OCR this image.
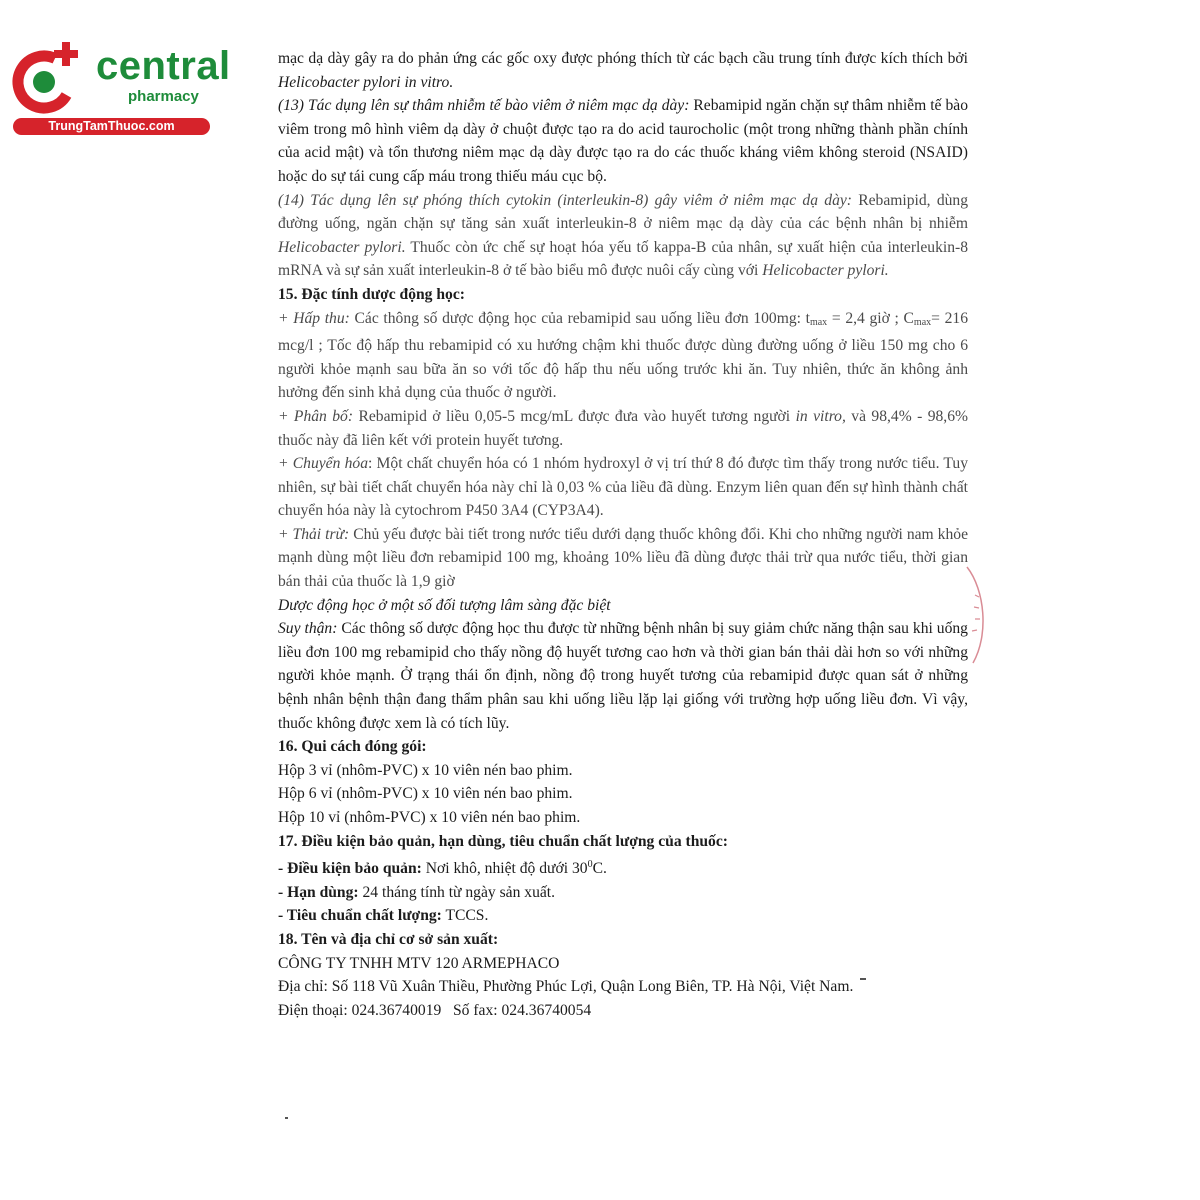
central
pharmacy
TrungTamThuoc.com

mạc dạ dày gây ra do phản ứng các gốc oxy được phóng thích từ các bạch cầu trung tính được kích thích bởi Helicobacter pylori in vitro.

(13) Tác dụng lên sự thâm nhiễm tế bào viêm ở niêm mạc dạ dày: Rebamipid ngăn chặn sự thâm nhiễm tế bào viêm trong mô hình viêm dạ dày ở chuột được tạo ra do acid taurocholic (một trong những thành phần chính của acid mật) và tổn thương niêm mạc dạ dày được tạo ra do các thuốc kháng viêm không steroid (NSAID) hoặc do sự tái cung cấp máu trong thiếu máu cục bộ.

(14) Tác dụng lên sự phóng thích cytokin (interleukin-8) gây viêm ở niêm mạc dạ dày: Rebamipid, dùng đường uống, ngăn chặn sự tăng sản xuất interleukin-8 ở niêm mạc dạ dày của các bệnh nhân bị nhiễm Helicobacter pylori. Thuốc còn ức chế sự hoạt hóa yếu tố kappa-B của nhân, sự xuất hiện của interleukin-8 mRNA và sự sản xuất interleukin-8 ở tế bào biểu mô được nuôi cấy cùng với Helicobacter pylori.

15. Đặc tính dược động học:

+ Hấp thu: Các thông số dược động học của rebamipid sau uống liều đơn 100mg: $t_{max} = 2,4$ giờ ; $C_{max}= 216$ mcg/l ; Tốc độ hấp thu rebamipid có xu hướng chậm khi thuốc được dùng đường uống ở liều 150 mg cho 6 người khỏe mạnh sau bữa ăn so với tốc độ hấp thu nếu uống trước khi ăn. Tuy nhiên, thức ăn không ảnh hưởng đến sinh khả dụng của thuốc ở người.

+ Phân bố: Rebamipid ở liều 0,05-5 mcg/mL được đưa vào huyết tương người in vitro, và 98,4% - 98,6% thuốc này đã liên kết với protein huyết tương.

+ Chuyển hóa: Một chất chuyển hóa có 1 nhóm hydroxyl ở vị trí thứ 8 đó được tìm thấy trong nước tiểu. Tuy nhiên, sự bài tiết chất chuyển hóa này chỉ là 0,03 % của liều đã dùng. Enzym liên quan đến sự hình thành chất chuyển hóa này là cytochrom P450 3A4 (CYP3A4).

+ Thải trừ: Chủ yếu được bài tiết trong nước tiểu dưới dạng thuốc không đổi. Khi cho những người nam khỏe mạnh dùng một liều đơn rebamipid 100 mg, khoảng 10% liều đã dùng được thải trừ qua nước tiểu, thời gian bán thải của thuốc là 1,9 giờ

Dược động học ở một số đối tượng lâm sàng đặc biệt

Suy thận: Các thông số dược động học thu được từ những bệnh nhân bị suy giảm chức năng thận sau khi uống liều đơn 100 mg rebamipid cho thấy nồng độ huyết tương cao hơn và thời gian bán thải dài hơn so với những người khỏe mạnh. Ở trạng thái ổn định, nồng độ trong huyết tương của rebamipid được quan sát ở những bệnh nhân bệnh thận đang thẩm phân sau khi uống liều lặp lại giống với trường hợp uống liều đơn. Vì vậy, thuốc không được xem là có tích lũy.

16. Qui cách đóng gói:

Hộp 3 vỉ (nhôm-PVC) x 10 viên nén bao phim.

Hộp 6 vỉ (nhôm-PVC) x 10 viên nén bao phim.

Hộp 10 vỉ (nhôm-PVC) x 10 viên nén bao phim.

17. Điều kiện bảo quản, hạn dùng, tiêu chuẩn chất lượng của thuốc:

- Điều kiện bảo quản: Nơi khô, nhiệt độ dưới $30^0C$.

- Hạn dùng: 24 tháng tính từ ngày sản xuất.

- Tiêu chuẩn chất lượng: TCCS.

18. Tên và địa chỉ cơ sở sản xuất:

CÔNG TY TNHH MTV 120 ARMEPHACO

Địa chỉ: Số 118 Vũ Xuân Thiều, Phường Phúc Lợi, Quận Long Biên, TP. Hà Nội, Việt Nam.

Điện thoại: 024.36740019 Số fax: 024.36740054
